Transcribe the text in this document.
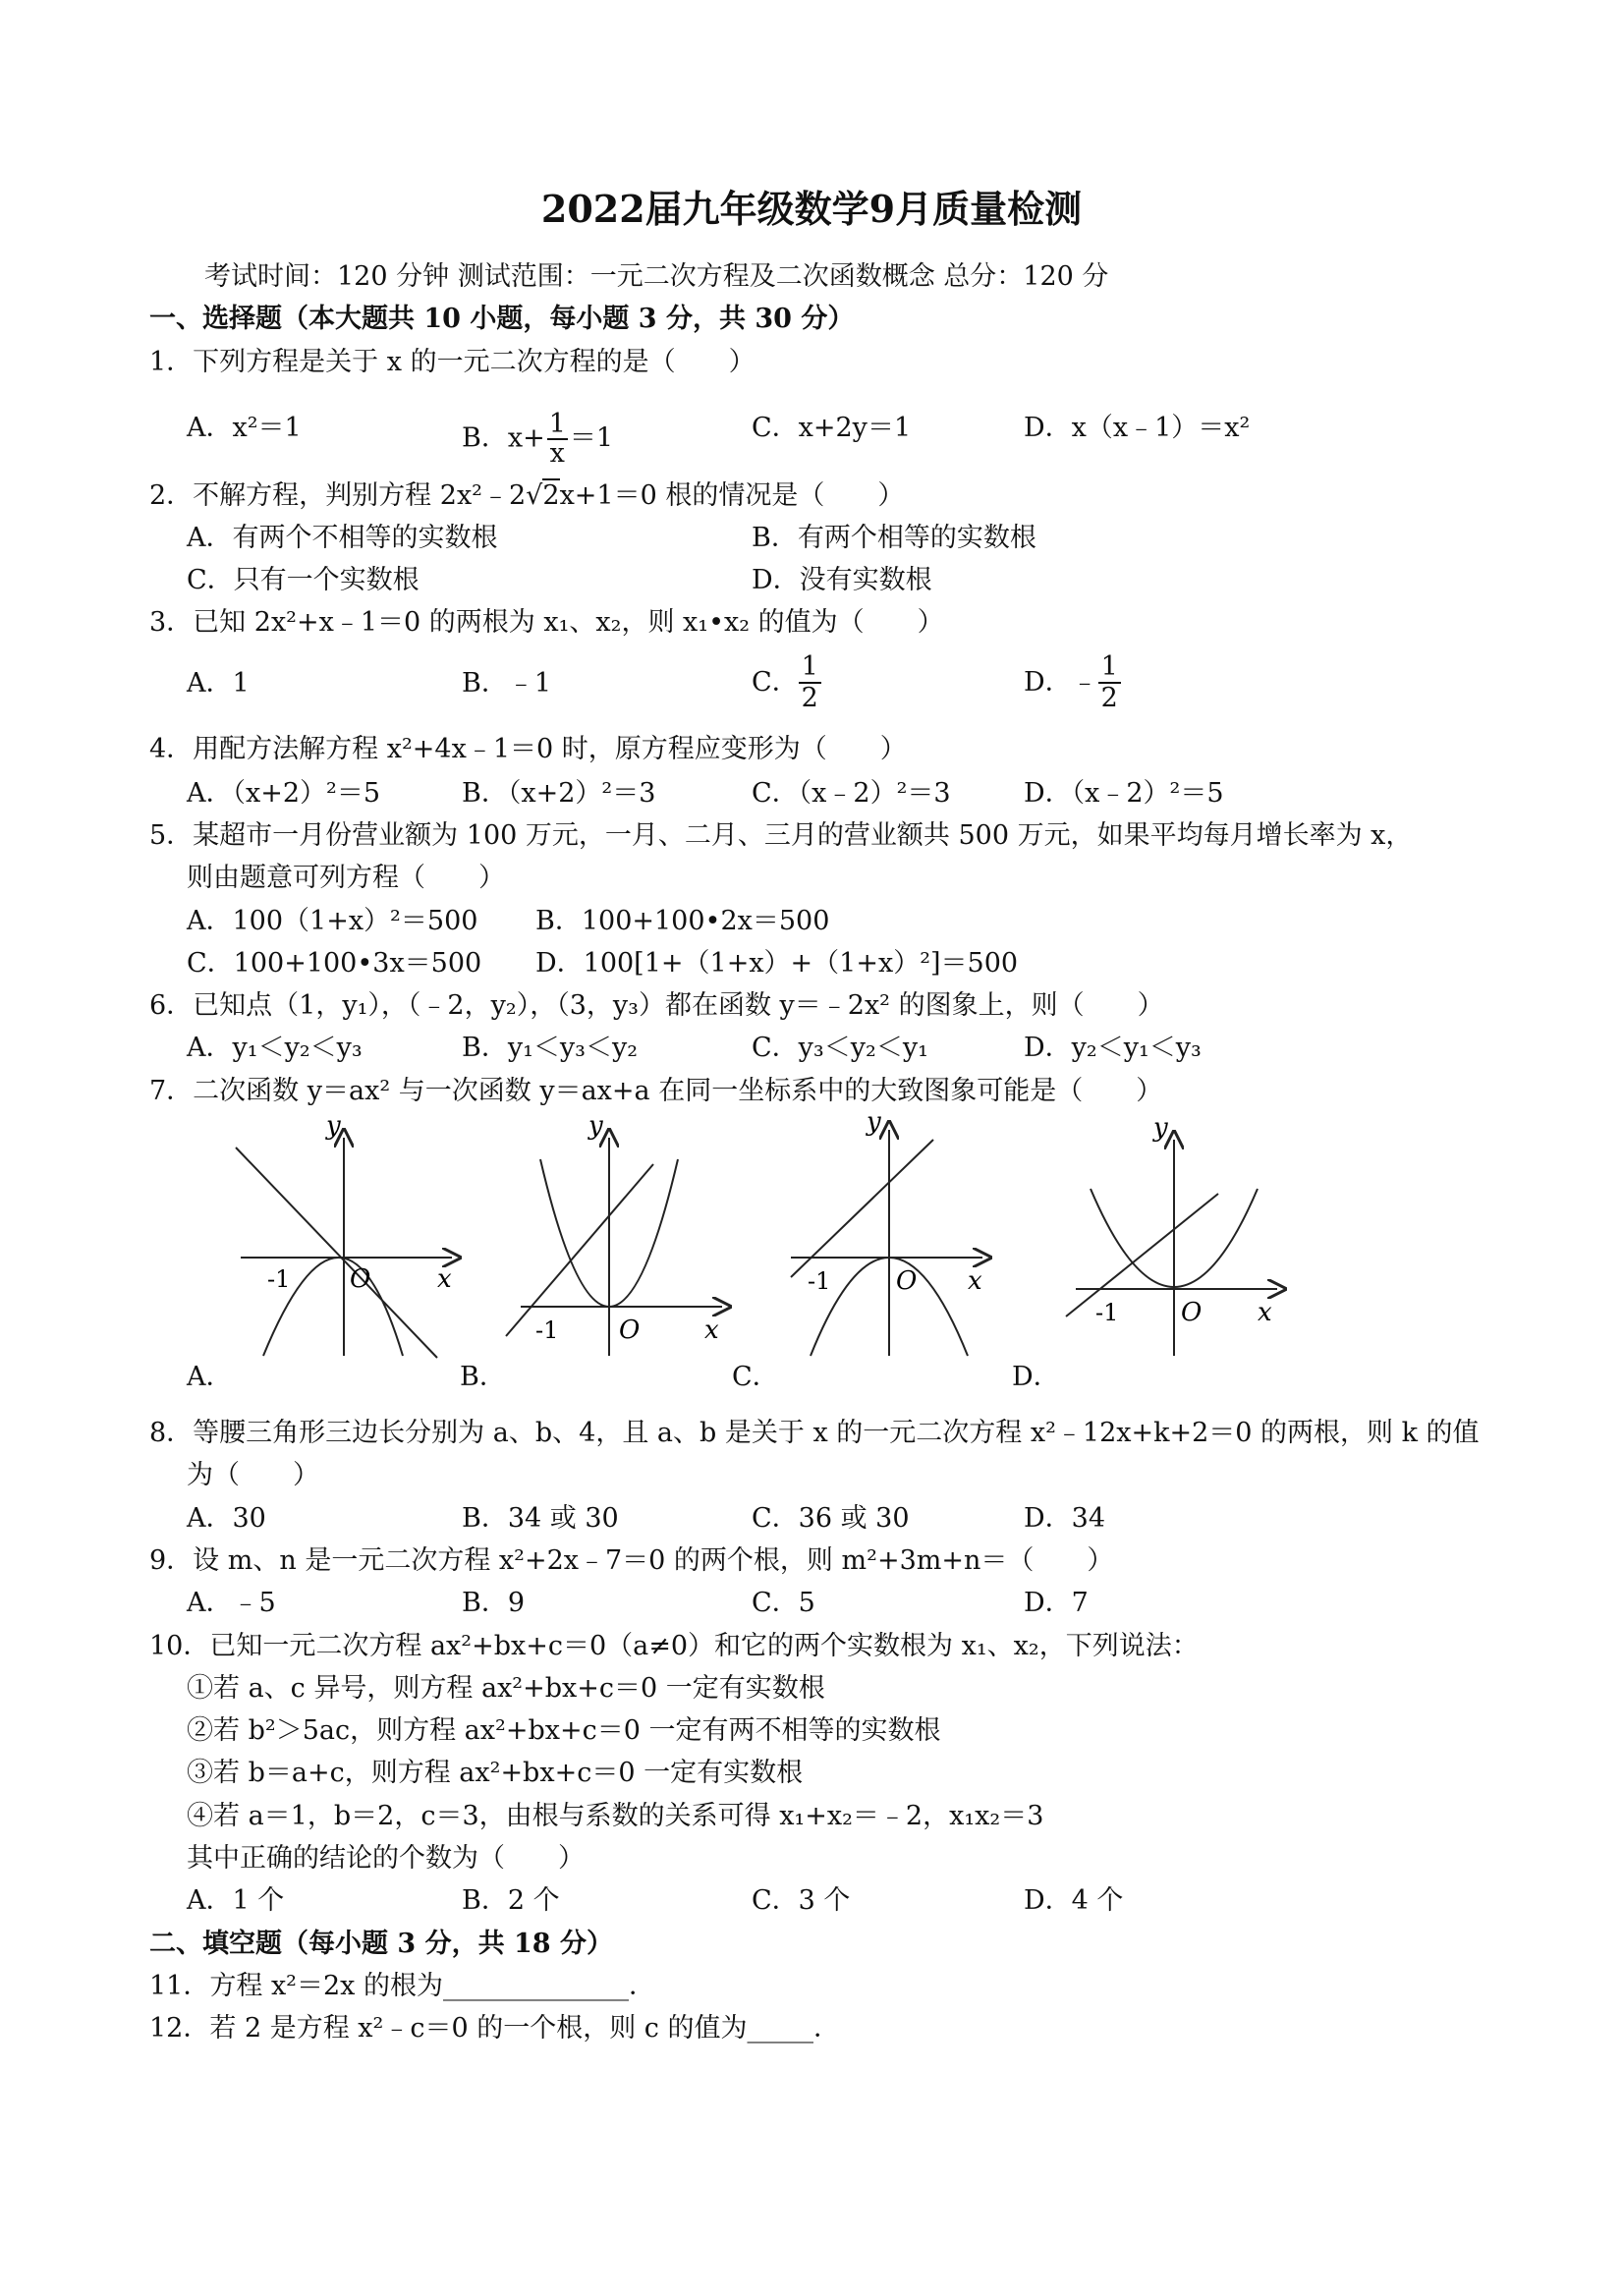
2022届九年级数学9月质量检测
考试时间：120 分钟 测试范围：一元二次方程及二次函数概念 总分：120 分
一、选择题（本大题共 10 小题，每小题 3 分，共 30 分）
1．下列方程是关于 x 的一元二次方程的是（　　）
A．x²＝1	B．$x+ \frac{1}{x} =1$	C．x+2y＝1	D．x（x﹣1）＝x²
2．不解方程，判别方程 2x²﹣2√2x+1＝0 根的情况是（　　）
A．有两个不相等的实数根	B．有两个相等的实数根
C．只有一个实数根	D．没有实数根
3．已知 2x²+x﹣1＝0 的两根为 x₁、x₂，则 x₁•x₂ 的值为（　　）
A．1	B．﹣1	C． $\frac{1}{2}$	D．﹣ $\frac{1}{2}$
4．用配方法解方程 x²+4x﹣1＝0 时，原方程应变形为（　　）
A．（x+2）²＝5	B．（x+2）²＝3	C．（x﹣2）²＝3	D．（x﹣2）²＝5
5．某超市一月份营业额为 100 万元，一月、二月、三月的营业额共 500 万元，如果平均每月增长率为 x，
则由题意可列方程（　　）
A．100（1+x）²＝500 B．100+100•2x＝500
C．100+100•3x＝500 D．100[1+（1+x）+（1+x）²]＝500
6．已知点（1，y₁），（﹣2，y₂），（3，y₃）都在函数 y＝﹣2x² 的图象上，则（　　）
A．y₁＜y₂＜y₃	B．y₁＜y₃＜y₂	C．y₃＜y₂＜y₁	D．y₂＜y₁＜y₃
7．二次函数 y＝ax² 与一次函数 y＝ax+a 在同一坐标系中的大致图象可能是（　　）
y
x
O
-1
A．
y
x
O
-1
B．
y
x
O
-1
C．
y
x
O
-1
D．
8．等腰三角形三边长分别为 a、b、4，且 a、b 是关于 x 的一元二次方程 x²﹣12x+k+2＝0 的两根，则 k 的值
为（　　）
A．30	B．34 或 30	C．36 或 30	D．34
9．设 m、n 是一元二次方程 x²+2x﹣7＝0 的两个根，则 m²+3m+n＝（　　）
A．﹣5	B．9	C．5	D．7
10．已知一元二次方程 ax²+bx+c＝0（a≠0）和它的两个实数根为 x₁、x₂，下列说法：
①若 a、c 异号，则方程 ax²+bx+c＝0 一定有实数根
②若 b²＞5ac，则方程 ax²+bx+c＝0 一定有两不相等的实数根
③若 b＝a+c，则方程 ax²+bx+c＝0 一定有实数根
④若 a＝1，b＝2，c＝3，由根与系数的关系可得 x₁+x₂＝﹣2，x₁x₂＝3
其中正确的结论的个数为（　　）
A．1 个	B．2 个	C．3 个	D．4 个
二、填空题（每小题 3 分，共 18 分）
11．方程 x²＝2x 的根为______________．
12．若 2 是方程 x²﹣c＝0 的一个根，则 c 的值为_____．
